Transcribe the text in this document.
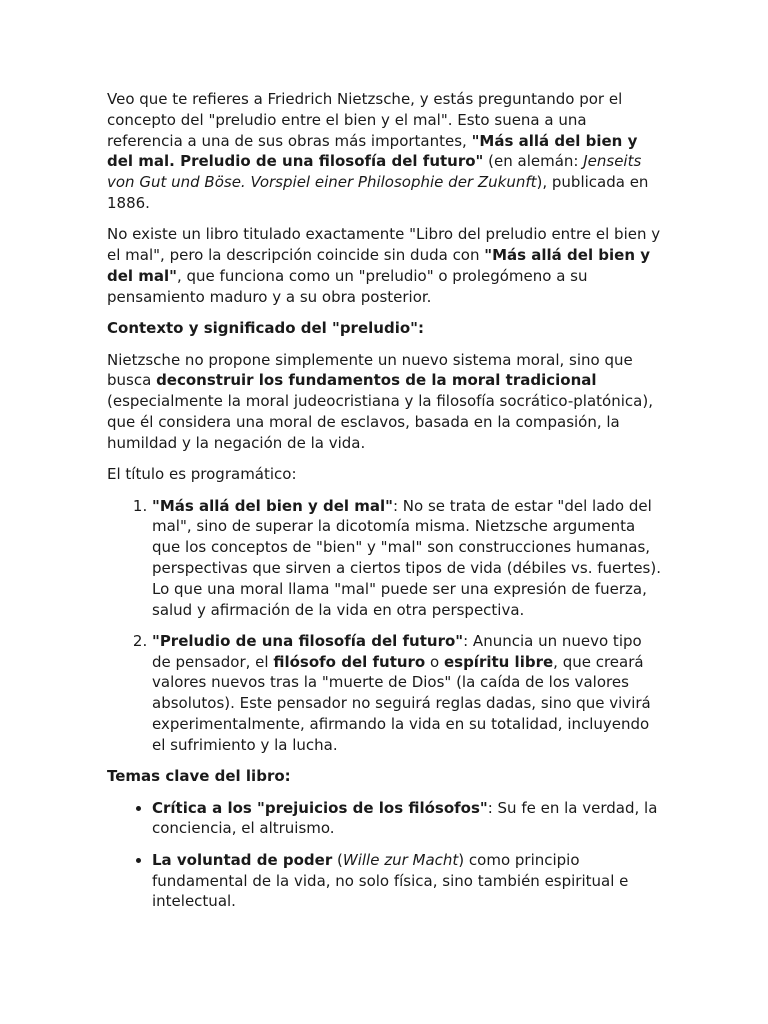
Veo que te refieres a Friedrich Nietzsche, y estás preguntando por el concepto del "preludio entre el bien y el mal". Esto suena a una referencia a una de sus obras más importantes, "Más allá del bien y del mal. Preludio de una filosofía del futuro" (en alemán: Jenseits von Gut und Böse. Vorspiel einer Philosophie der Zukunft), publicada en 1886.

No existe un libro titulado exactamente "Libro del preludio entre el bien y el mal", pero la descripción coincide sin duda con "Más allá del bien y del mal", que funciona como un "preludio" o prolegómeno a su pensamiento maduro y a su obra posterior.

Contexto y significado del "preludio":

Nietzsche no propone simplemente un nuevo sistema moral, sino que busca deconstruir los fundamentos de la moral tradicional (especialmente la moral judeocristiana y la filosofía socrático-platónica), que él considera una moral de esclavos, basada en la compasión, la humildad y la negación de la vida.

El título es programático:

1. "Más allá del bien y del mal": No se trata de estar "del lado del mal", sino de superar la dicotomía misma. Nietzsche argumenta que los conceptos de "bien" y "mal" son construcciones humanas, perspectivas que sirven a ciertos tipos de vida (débiles vs. fuertes). Lo que una moral llama "mal" puede ser una expresión de fuerza, salud y afirmación de la vida en otra perspectiva.
2. "Preludio de una filosofía del futuro": Anuncia un nuevo tipo de pensador, el filósofo del futuro o espíritu libre, que creará valores nuevos tras la "muerte de Dios" (la caída de los valores absolutos). Este pensador no seguirá reglas dadas, sino que vivirá experimentalmente, afirmando la vida en su totalidad, incluyendo el sufrimiento y la lucha.

Temas clave del libro:

• Crítica a los "prejuicios de los filósofos": Su fe en la verdad, la conciencia, el altruismo.
• La voluntad de poder (Wille zur Macht) como principio fundamental de la vida, no solo física, sino también espiritual e intelectual.
